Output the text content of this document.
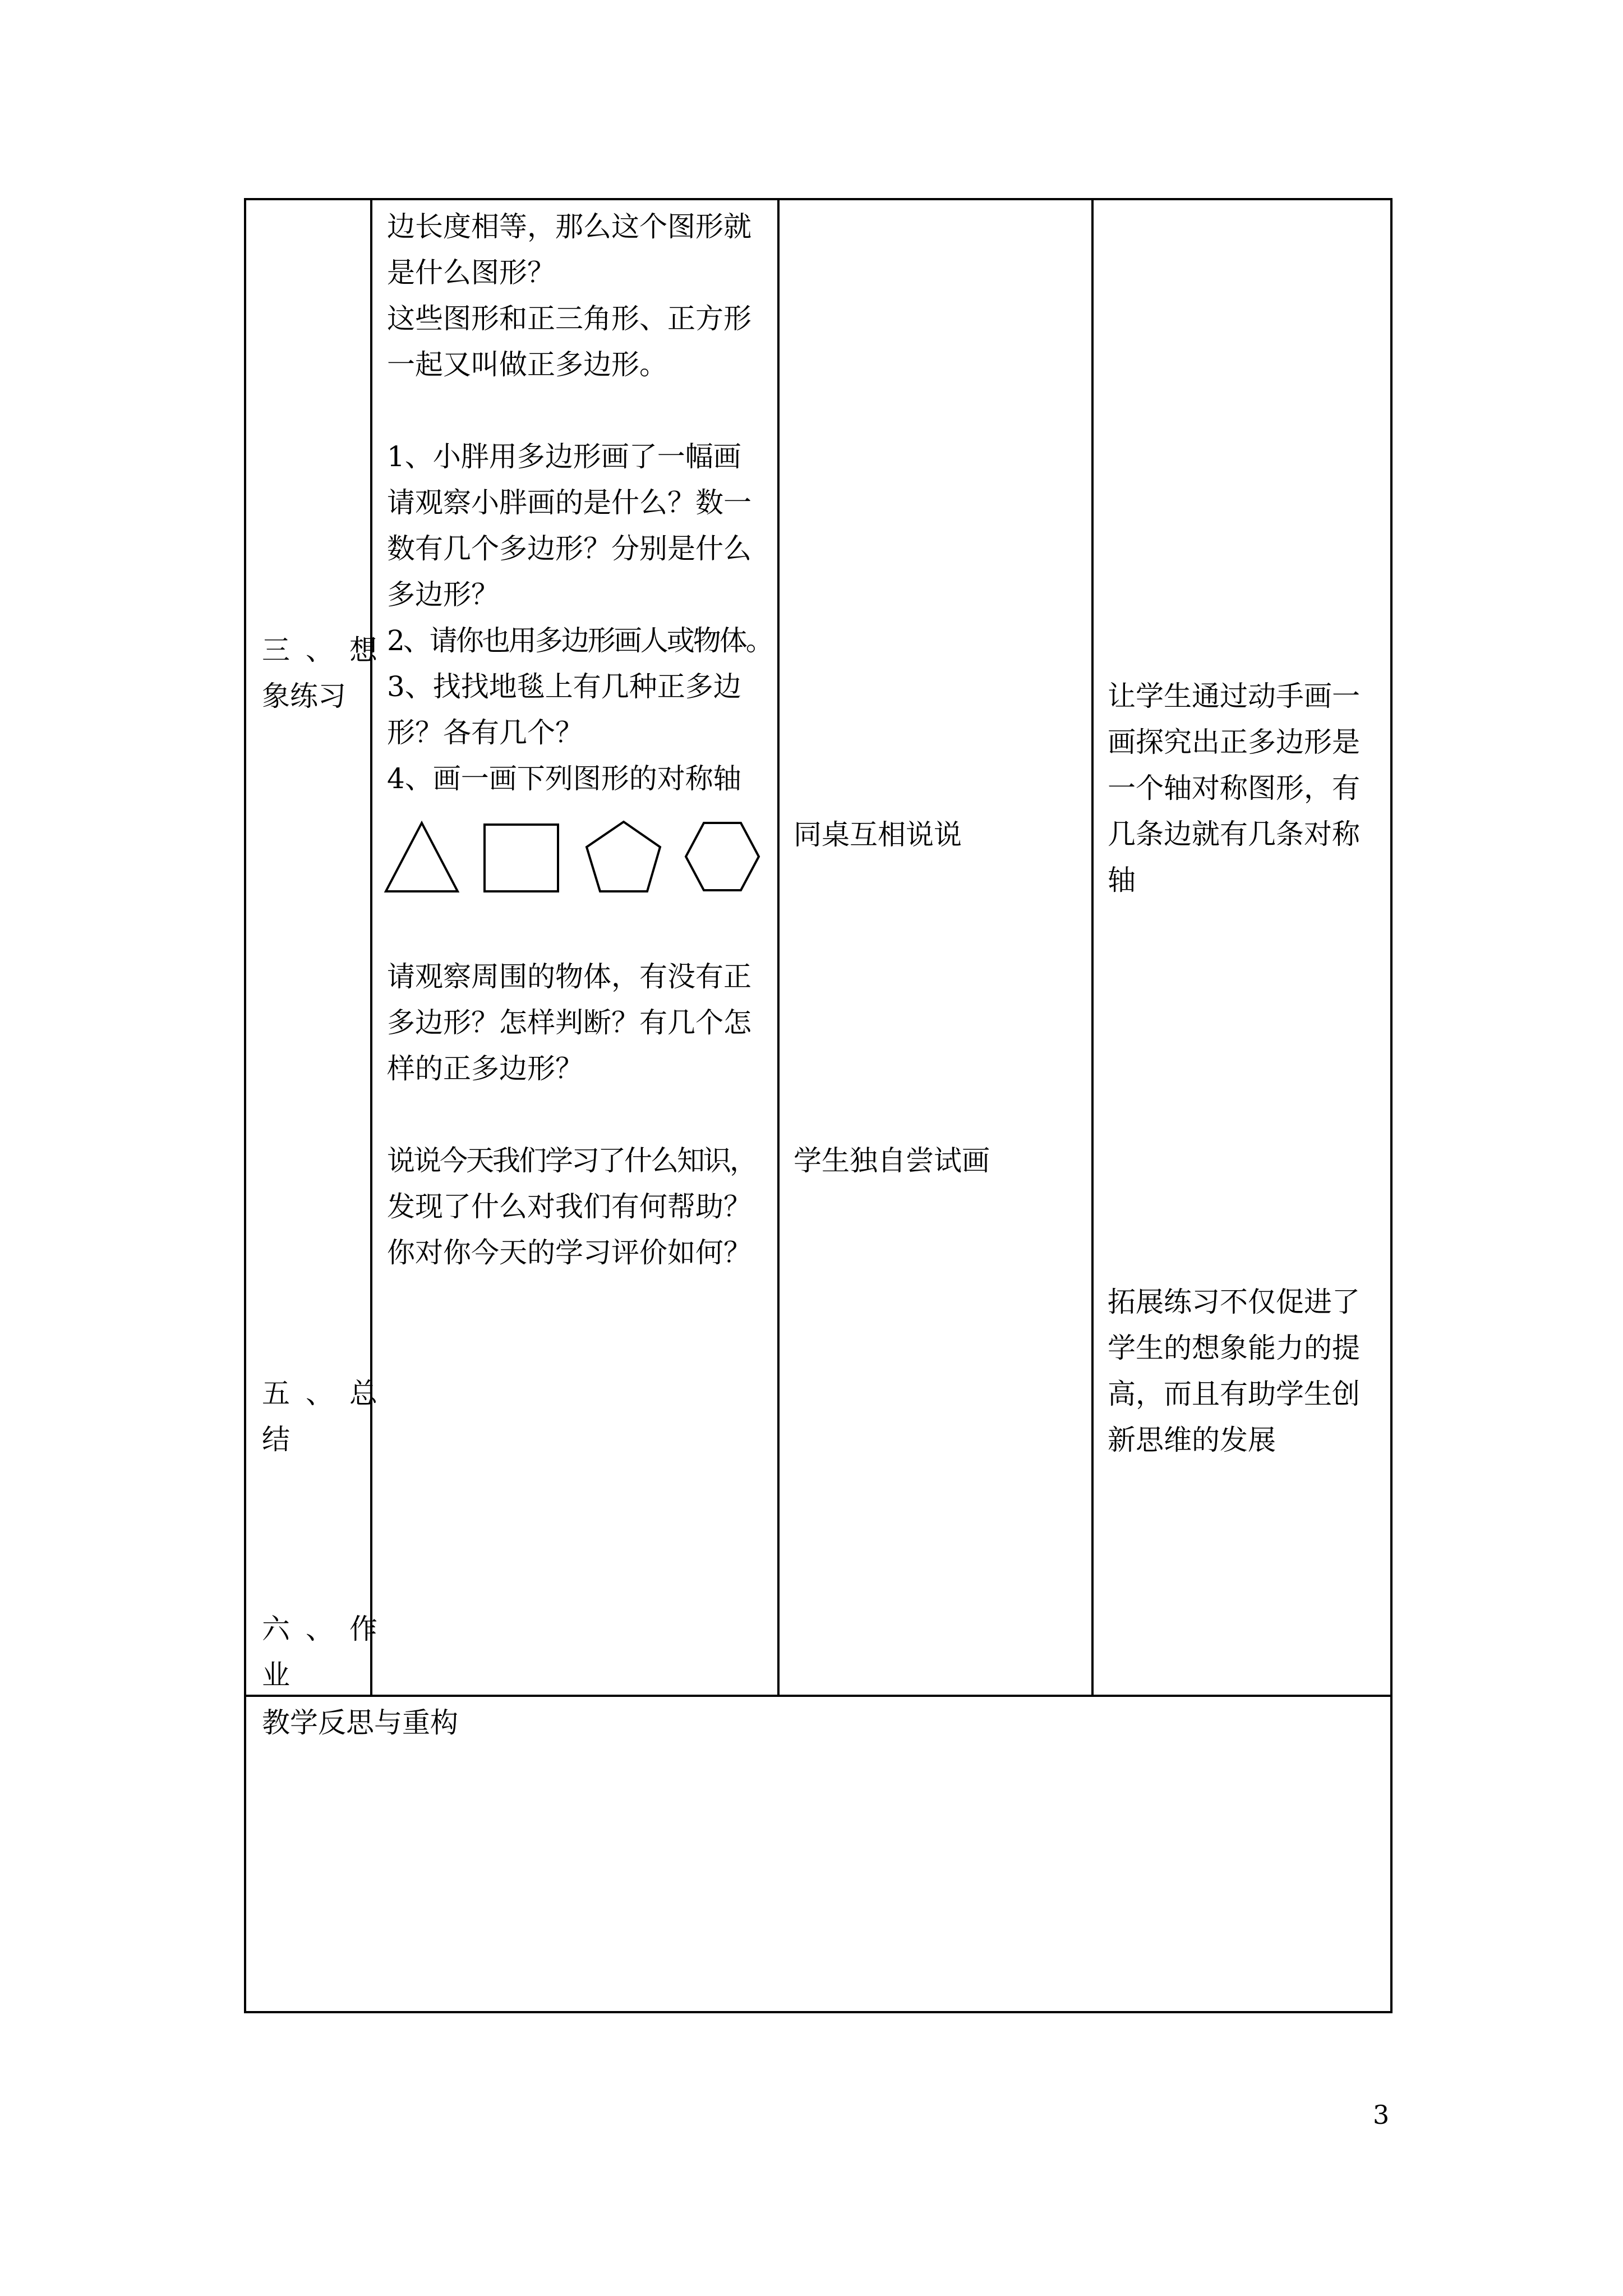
三、想
象练习
五、总
结
六、作
业
边长度相等，那么这个图形就
是什么图形？
这些图形和正三角形、正方形
一起又叫做正多边形。
1、小胖用多边形画了一幅画
请观察小胖画的是什么？数一
数有几个多边形？分别是什么
多边形？
2、请你也用多边形画人或物体。
3、找找地毯上有几种正多边
形？各有几个？
4、画一画下列图形的对称轴
请观察周围的物体，有没有正
多边形？怎样判断？有几个怎
样的正多边形？
说说今天我们学习了什么知识，
发现了什么对我们有何帮助？
你对你今天的学习评价如何？
同桌互相说说
学生独自尝试画
让学生通过动手画一
画探究出正多边形是
一个轴对称图形，有
几条边就有几条对称
轴
拓展练习不仅促进了
学生的想象能力的提
高，而且有助学生创
新思维的发展
教学反思与重构
3
